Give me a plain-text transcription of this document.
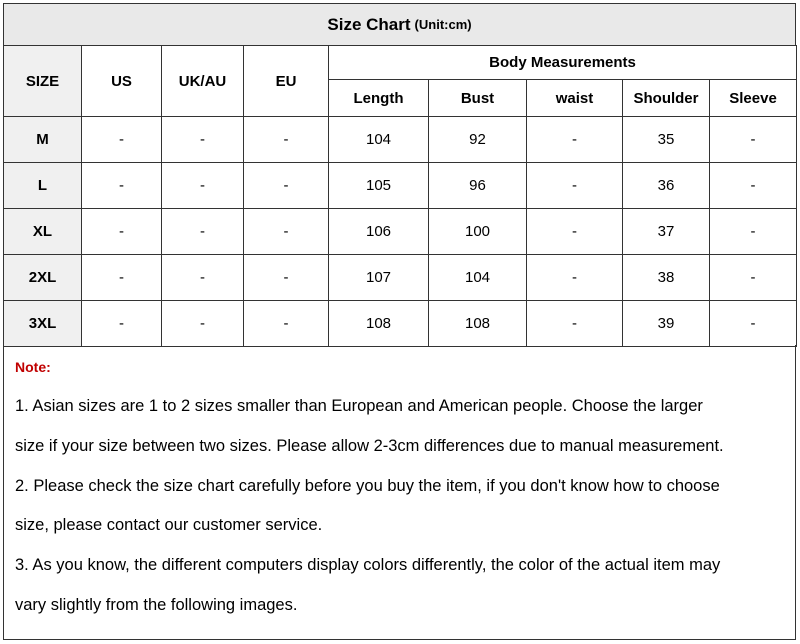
Size Chart (Unit:cm)
SIZE	US	UK/AU	EU	Body Measurements				
				Length	Bust	waist	Shoulder	Sleeve
M	-	-	-	104	92	-	35	-
L	-	-	-	105	96	-	36	-
XL	-	-	-	106	100	-	37	-
2XL	-	-	-	107	104	-	38	-
3XL	-	-	-	108	108	-	39	-
Note:
1. Asian sizes are 1 to 2 sizes smaller than European and American people. Choose the larger
size if your size between two sizes. Please allow 2-3cm differences due to manual measurement.
2. Please check the size chart carefully before you buy the item, if you don't know how to choose
size, please contact our customer service.
3. As you know, the different computers display colors differently, the color of the actual item may
vary slightly from the following images.
